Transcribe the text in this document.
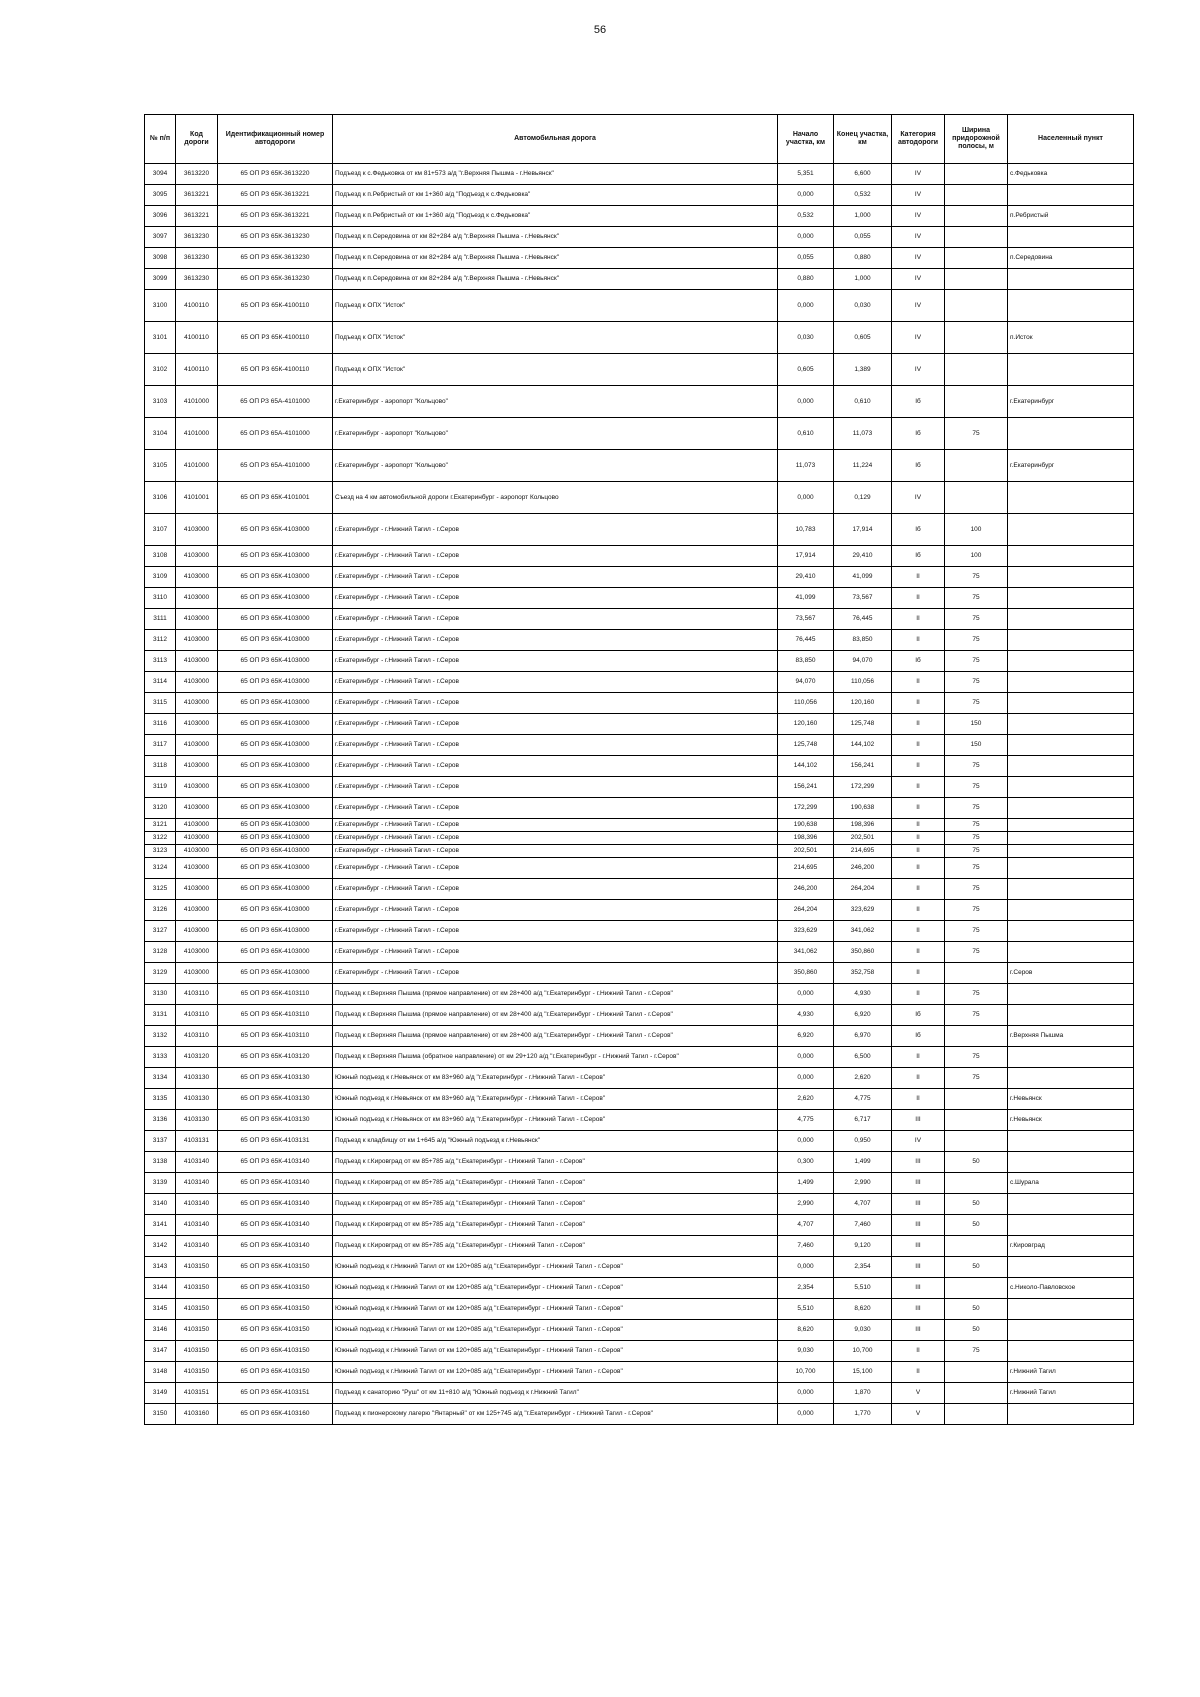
56
№ п/п	Код дороги	Идентификационный номер автодороги	Автомобильная дорога	Начало участка, км	Конец участка, км	Категория автодороги	Ширина придорожной полосы, м	Населенный пункт
3094	3613220	65 ОП РЗ 65К-3613220	Подъезд к с.Федьковка от км 81+573 а/д "г.Верхняя Пышма - г.Невьянск"	5,351	6,600	IV		с.Федьковка
3095	3613221	65 ОП РЗ 65К-3613221	Подъезд к п.Ребристый от км 1+360 а/д "Подъезд к с.Федьковка"	0,000	0,532	IV		
3096	3613221	65 ОП РЗ 65К-3613221	Подъезд к п.Ребристый от км 1+360 а/д "Подъезд к с.Федьковка"	0,532	1,000	IV		п.Ребристый
3097	3613230	65 ОП РЗ 65К-3613230	Подъезд к п.Середовина от км 82+284 а/д "г.Верхняя Пышма - г.Невьянск"	0,000	0,055	IV		
3098	3613230	65 ОП РЗ 65К-3613230	Подъезд к п.Середовина от км 82+284 а/д "г.Верхняя Пышма - г.Невьянск"	0,055	0,880	IV		п.Середовина
3099	3613230	65 ОП РЗ 65К-3613230	Подъезд к п.Середовина от км 82+284 а/д "г.Верхняя Пышма - г.Невьянск"	0,880	1,000	IV		
3100	4100110	65 ОП РЗ 65К-4100110	Подъезд к ОПХ "Исток"	0,000	0,030	IV		
3101	4100110	65 ОП РЗ 65К-4100110	Подъезд к ОПХ "Исток"	0,030	0,605	IV		п.Исток
3102	4100110	65 ОП РЗ 65К-4100110	Подъезд к ОПХ "Исток"	0,605	1,389	IV		
3103	4101000	65 ОП РЗ 65А-4101000	г.Екатеринбург - аэропорт "Кольцово"	0,000	0,610	Iб		г.Екатеринбург
3104	4101000	65 ОП РЗ 65А-4101000	г.Екатеринбург - аэропорт "Кольцово"	0,610	11,073	Iб	75	
3105	4101000	65 ОП РЗ 65А-4101000	г.Екатеринбург - аэропорт "Кольцово"	11,073	11,224	Iб		г.Екатеринбург
3106	4101001	65 ОП РЗ 65К-4101001	Съезд на 4 км автомобильной дороги г.Екатеринбург - аэропорт Кольцово	0,000	0,129	IV		
3107	4103000	65 ОП РЗ 65К-4103000	г.Екатеринбург - г.Нижний Тагил - г.Серов	10,783	17,914	Iб	100	
3108	4103000	65 ОП РЗ 65К-4103000	г.Екатеринбург - г.Нижний Тагил - г.Серов	17,914	29,410	Iб	100	
3109	4103000	65 ОП РЗ 65К-4103000	г.Екатеринбург - г.Нижний Тагил - г.Серов	29,410	41,099	II	75	
3110	4103000	65 ОП РЗ 65К-4103000	г.Екатеринбург - г.Нижний Тагил - г.Серов	41,099	73,567	II	75	
3111	4103000	65 ОП РЗ 65К-4103000	г.Екатеринбург - г.Нижний Тагил - г.Серов	73,567	76,445	II	75	
3112	4103000	65 ОП РЗ 65К-4103000	г.Екатеринбург - г.Нижний Тагил - г.Серов	76,445	83,850	II	75	
3113	4103000	65 ОП РЗ 65К-4103000	г.Екатеринбург - г.Нижний Тагил - г.Серов	83,850	94,070	Iб	75	
3114	4103000	65 ОП РЗ 65К-4103000	г.Екатеринбург - г.Нижний Тагил - г.Серов	94,070	110,056	II	75	
3115	4103000	65 ОП РЗ 65К-4103000	г.Екатеринбург - г.Нижний Тагил - г.Серов	110,056	120,160	II	75	
3116	4103000	65 ОП РЗ 65К-4103000	г.Екатеринбург - г.Нижний Тагил - г.Серов	120,160	125,748	II	150	
3117	4103000	65 ОП РЗ 65К-4103000	г.Екатеринбург - г.Нижний Тагил - г.Серов	125,748	144,102	II	150	
3118	4103000	65 ОП РЗ 65К-4103000	г.Екатеринбург - г.Нижний Тагил - г.Серов	144,102	156,241	II	75	
3119	4103000	65 ОП РЗ 65К-4103000	г.Екатеринбург - г.Нижний Тагил - г.Серов	156,241	172,299	II	75	
3120	4103000	65 ОП РЗ 65К-4103000	г.Екатеринбург - г.Нижний Тагил - г.Серов	172,299	190,638	II	75	
3121	4103000	65 ОП РЗ 65К-4103000	г.Екатеринбург - г.Нижний Тагил - г.Серов	190,638	198,396	II	75	
3122	4103000	65 ОП РЗ 65К-4103000	г.Екатеринбург - г.Нижний Тагил - г.Серов	198,396	202,501	II	75	
3123	4103000	65 ОП РЗ 65К-4103000	г.Екатеринбург - г.Нижний Тагил - г.Серов	202,501	214,695	II	75	
3124	4103000	65 ОП РЗ 65К-4103000	г.Екатеринбург - г.Нижний Тагил - г.Серов	214,695	246,200	II	75	
3125	4103000	65 ОП РЗ 65К-4103000	г.Екатеринбург - г.Нижний Тагил - г.Серов	246,200	264,204	II	75	
3126	4103000	65 ОП РЗ 65К-4103000	г.Екатеринбург - г.Нижний Тагил - г.Серов	264,204	323,629	II	75	
3127	4103000	65 ОП РЗ 65К-4103000	г.Екатеринбург - г.Нижний Тагил - г.Серов	323,629	341,062	II	75	
3128	4103000	65 ОП РЗ 65К-4103000	г.Екатеринбург - г.Нижний Тагил - г.Серов	341,062	350,860	II	75	
3129	4103000	65 ОП РЗ 65К-4103000	г.Екатеринбург - г.Нижний Тагил - г.Серов	350,860	352,758	II		г.Серов
3130	4103110	65 ОП РЗ 65К-4103110	Подъезд к г.Верхняя Пышма (прямое направление) от км 28+400 а/д "г.Екатеринбург - г.Нижний Тагил - г.Серов"	0,000	4,930	II	75	
3131	4103110	65 ОП РЗ 65К-4103110	Подъезд к г.Верхняя Пышма (прямое направление) от км 28+400 а/д "г.Екатеринбург - г.Нижний Тагил - г.Серов"	4,930	6,920	Iб	75	
3132	4103110	65 ОП РЗ 65К-4103110	Подъезд к г.Верхняя Пышма (прямое направление) от км 28+400 а/д "г.Екатеринбург - г.Нижний Тагил - г.Серов"	6,920	6,970	Iб		г.Верхняя Пышма
3133	4103120	65 ОП РЗ 65К-4103120	Подъезд к г.Верхняя Пышма (обратное направление) от км 29+120 а/д "г.Екатеринбург - г.Нижний Тагил - г.Серов"	0,000	6,500	II	75	
3134	4103130	65 ОП РЗ 65К-4103130	Южный подъезд к г.Невьянск от км 83+960 а/д "г.Екатеринбург - г.Нижний Тагил - г.Серов"	0,000	2,620	II	75	
3135	4103130	65 ОП РЗ 65К-4103130	Южный подъезд к г.Невьянск от км 83+960 а/д "г.Екатеринбург - г.Нижний Тагил - г.Серов"	2,620	4,775	II		г.Невьянск
3136	4103130	65 ОП РЗ 65К-4103130	Южный подъезд к г.Невьянск от км 83+960 а/д "г.Екатеринбург - г.Нижний Тагил - г.Серов"	4,775	6,717	III		г.Невьянск
3137	4103131	65 ОП РЗ 65К-4103131	Подъезд к кладбищу от км 1+645 а/д "Южный подъезд к г.Невьянск"	0,000	0,950	IV		
3138	4103140	65 ОП РЗ 65К-4103140	Подъезд к г.Кировград от км 85+785 а/д "г.Екатеринбург - г.Нижний Тагил - г.Серов"	0,300	1,499	III	50	
3139	4103140	65 ОП РЗ 65К-4103140	Подъезд к г.Кировград от км 85+785 а/д "г.Екатеринбург - г.Нижний Тагил - г.Серов"	1,499	2,990	III		с.Шурала
3140	4103140	65 ОП РЗ 65К-4103140	Подъезд к г.Кировград от км 85+785 а/д "г.Екатеринбург - г.Нижний Тагил - г.Серов"	2,990	4,707	III	50	
3141	4103140	65 ОП РЗ 65К-4103140	Подъезд к г.Кировград от км 85+785 а/д "г.Екатеринбург - г.Нижний Тагил - г.Серов"	4,707	7,460	III	50	
3142	4103140	65 ОП РЗ 65К-4103140	Подъезд к г.Кировград от км 85+785 а/д "г.Екатеринбург - г.Нижний Тагил - г.Серов"	7,460	9,120	III		г.Кировград
3143	4103150	65 ОП РЗ 65К-4103150	Южный подъезд к г.Нижний Тагил от км 120+085 а/д "г.Екатеринбург - г.Нижний Тагил - г.Серов"	0,000	2,354	III	50	
3144	4103150	65 ОП РЗ 65К-4103150	Южный подъезд к г.Нижний Тагил от км 120+085 а/д "г.Екатеринбург - г.Нижний Тагил - г.Серов"	2,354	5,510	III		с.Николо-Павловское
3145	4103150	65 ОП РЗ 65К-4103150	Южный подъезд к г.Нижний Тагил от км 120+085 а/д "г.Екатеринбург - г.Нижний Тагил - г.Серов"	5,510	8,620	III	50	
3146	4103150	65 ОП РЗ 65К-4103150	Южный подъезд к г.Нижний Тагил от км 120+085 а/д "г.Екатеринбург - г.Нижний Тагил - г.Серов"	8,620	9,030	III	50	
3147	4103150	65 ОП РЗ 65К-4103150	Южный подъезд к г.Нижний Тагил от км 120+085 а/д "г.Екатеринбург - г.Нижний Тагил - г.Серов"	9,030	10,700	II	75	
3148	4103150	65 ОП РЗ 65К-4103150	Южный подъезд к г.Нижний Тагил от км 120+085 а/д "г.Екатеринбург - г.Нижний Тагил - г.Серов"	10,700	15,100	II		г.Нижний Тагил
3149	4103151	65 ОП РЗ 65К-4103151	Подъезд к санаторию "Руш" от км 11+810 а/д "Южный подъезд к г.Нижний Тагил"	0,000	1,870	V		г.Нижний Тагил
3150	4103160	65 ОП РЗ 65К-4103160	Подъезд к пионерскому лагерю "Янтарный" от км 125+745 а/д "г.Екатеринбург - г.Нижний Тагил - г.Серов"	0,000	1,770	V		
